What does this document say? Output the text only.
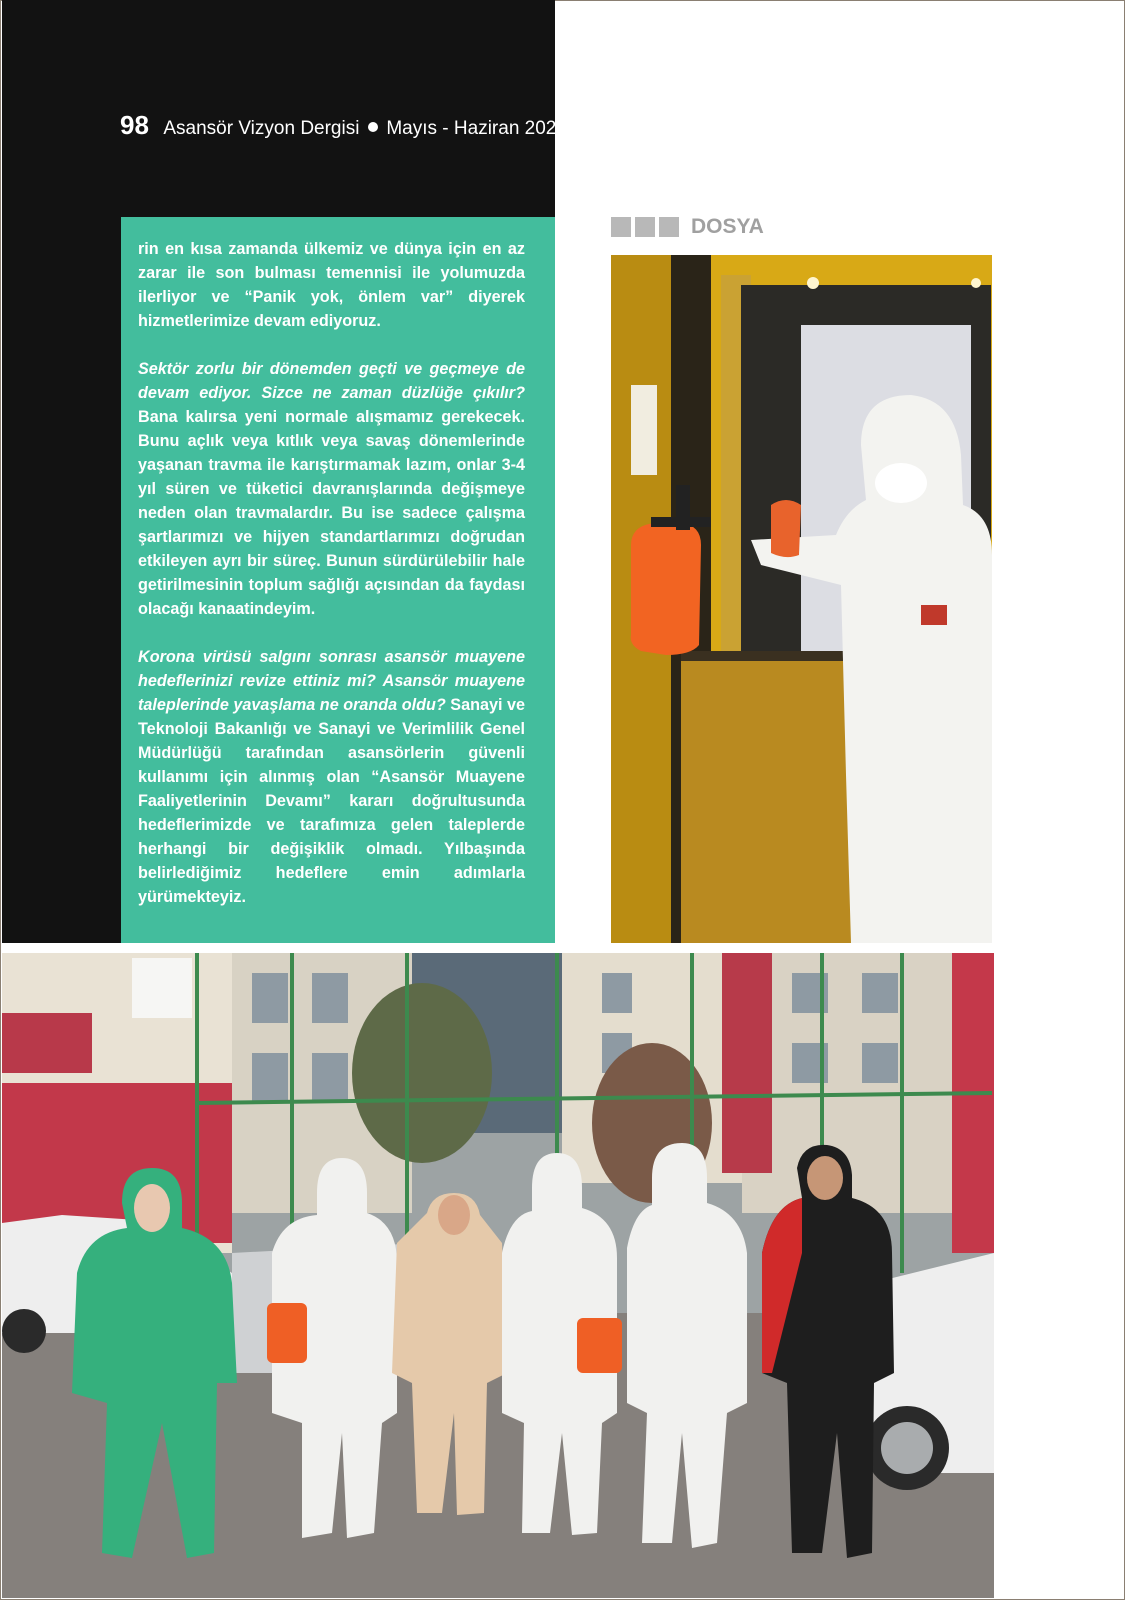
98 Asansör Vizyon Dergisi Mayıs - Haziran 2020

rin en kısa zamanda ülkemiz ve dünya için en az zarar ile son bulması temennisi ile yolumuzda ilerliyor ve “Panik yok, önlem var” diyerek hizmetlerimize devam ediyoruz.

Sektör zorlu bir dönemden geçti ve geçmeye de devam ediyor. Sizce ne zaman düzlüğe çıkılır? Bana kalırsa yeni normale alışmamız gerekecek. Bunu açlık veya kıtlık veya savaş dönemlerinde yaşanan travma ile karıştırmamak lazım, onlar 3-4 yıl süren ve tüketici davranışlarında değişmeye neden olan travmalardır. Bu ise sadece çalışma şartlarımızı ve hijyen standartlarımızı doğrudan etkileyen ayrı bir süreç. Bunun sürdürülebilir hale getirilmesinin toplum sağlığı açısından da faydası olacağı kanaatindeyim.

Korona virüsü salgını sonrası asansör muayene hedeflerinizi revize ettiniz mi? Asansör muayene taleplerinde yavaşlama ne oranda oldu? Sanayi ve Teknoloji Bakanlığı ve Sanayi ve Verimlilik Genel Müdürlüğü tarafından asansörlerin güvenli kullanımı için alınmış olan “Asansör Muayene Faaliyetlerinin Devamı” kararı doğrultusunda hedeflerimizde ve tarafımıza gelen taleplerde herhangi bir değişiklik olmadı. Yılbaşında belirlediğimiz hedeflere emin adımlarla yürümekteyiz.

DOSYA
